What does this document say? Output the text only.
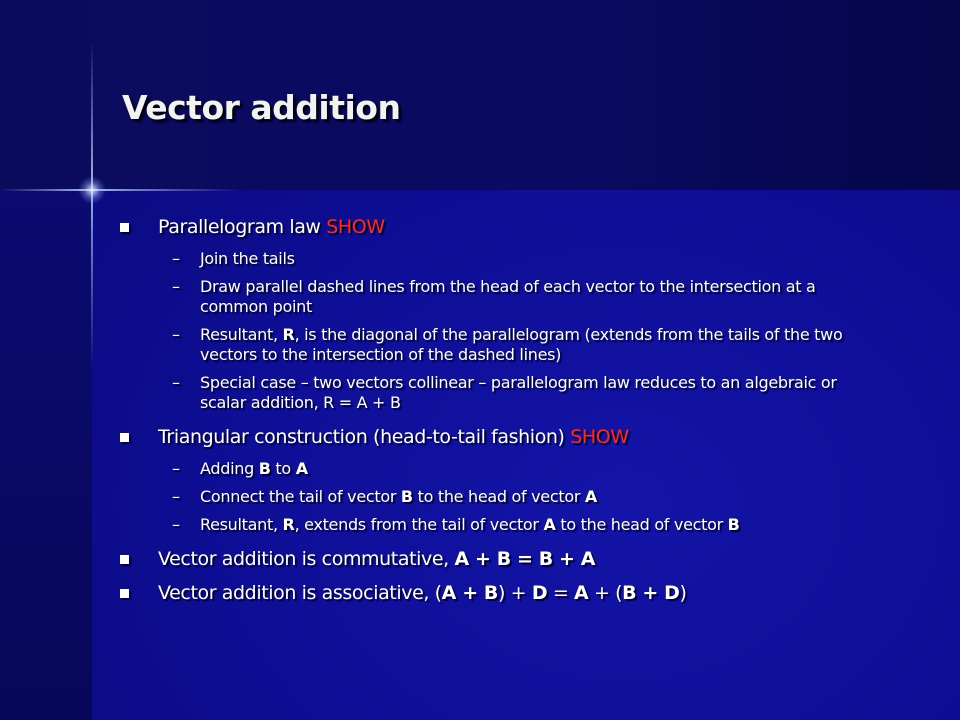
Vector addition
Parallelogram law SHOW
– Join the tails
– Draw parallel dashed lines from the head of each vector to the intersection at a common point
– Resultant, R, is the diagonal of the parallelogram (extends from the tails of the two vectors to the intersection of the dashed lines)
– Special case – two vectors collinear – parallelogram law reduces to an algebraic or scalar addition, R = A + B
Triangular construction (head-to-tail fashion) SHOW
– Adding B to A
– Connect the tail of vector B to the head of vector A
– Resultant, R, extends from the tail of vector A to the head of vector B
Vector addition is commutative, A + B = B + A
Vector addition is associative, (A + B) + D = A + (B + D)
